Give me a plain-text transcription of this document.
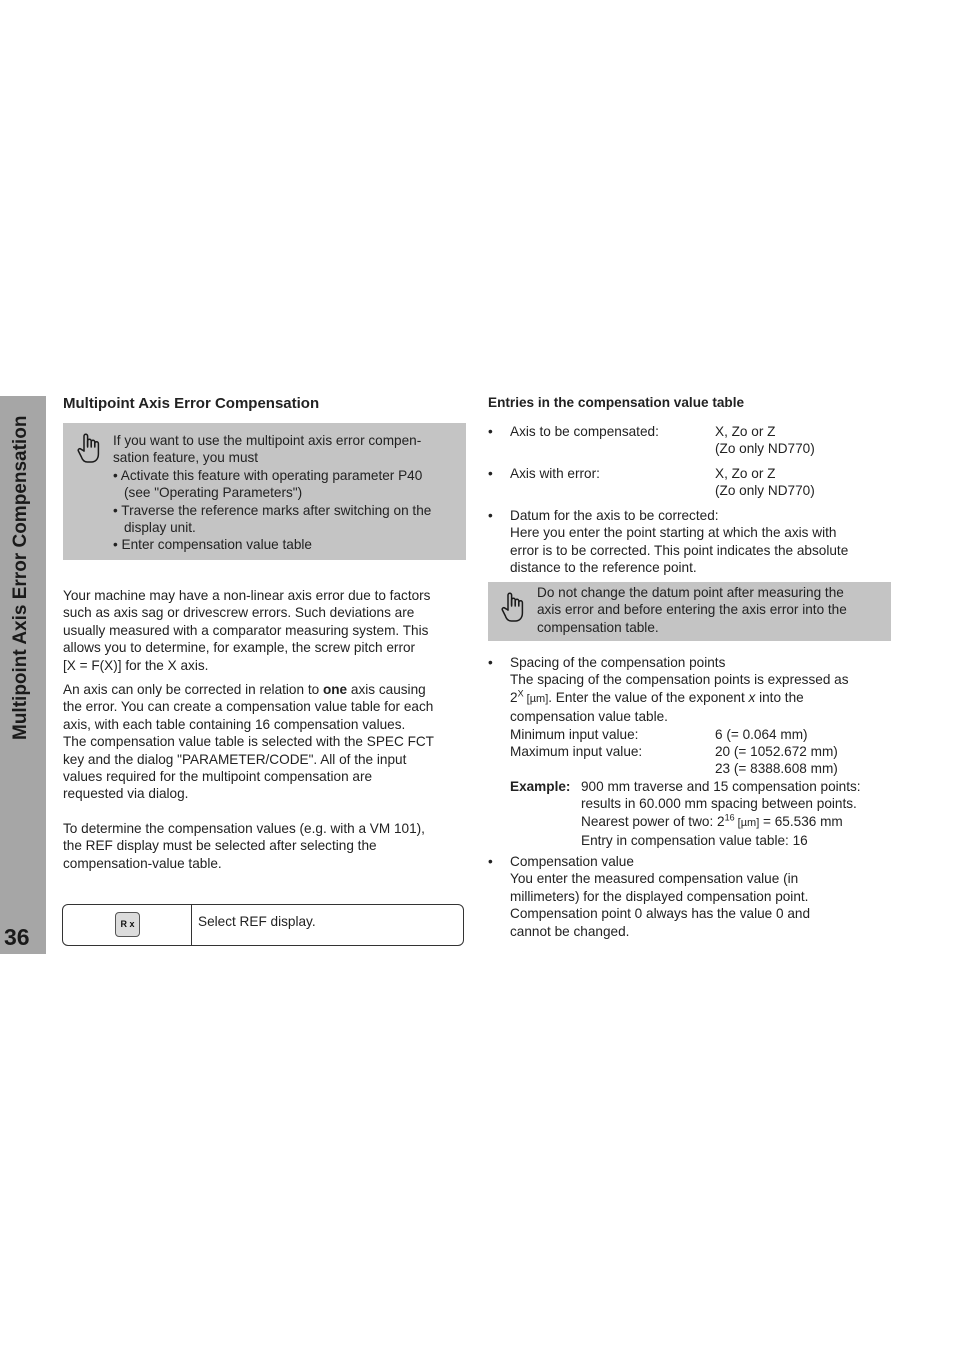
Multipoint Axis Error Compensation
36
Multipoint Axis Error Compensation
If you want to use the multipoint axis error compen-
sation feature, you must
• Activate this feature with operating parameter P40
(see "Operating Parameters")
• Traverse the reference marks after switching on the
display unit.
• Enter compensation value table
Your machine may have a non-linear axis error due to factors
such as axis sag or drivescrew errors. Such deviations are
usually measured with a comparator measuring system. This
allows you to determine, for example, the screw pitch error
[X = F(X)] for the X axis.
An axis can only be corrected in relation to one axis causing
the error. You can create a compensation value table for each
axis, with each table containing 16 compensation values.
The compensation value table is selected with the SPEC FCT
key and the dialog "PARAMETER/CODE". All of the input
values required for the multipoint compensation are
requested via dialog.
To determine the compensation values (e.g. with a VM 101),
the REF display must be selected after selecting the
compensation-value table.
R x	Select REF display.
Entries in the compensation value table
•	Axis to be compensated:	X, Zo or Z
(Zo only ND770)
•	Axis with error:	X, Zo or Z
(Zo only ND770)
•	Datum for the axis to be corrected:
Here you enter the point starting at which the axis with
error is to be corrected. This point indicates the absolute
distance to the reference point.
Do not change the datum point after measuring the
axis error and before entering the axis error into the
compensation table.
•	Spacing of the compensation points
The spacing of the compensation points is expressed as
$2^X$ [µm]. Enter the value of the exponent x into the
compensation value table.
Minimum input value:	6 (= 0.064 mm)
Maximum input value:	20 (= 1052.672 mm)
23 (= 8388.608 mm)
Example: 900 mm traverse and 15 compensation points:
results in 60.000 mm spacing between points.
Nearest power of two: $2^{16}$ [µm] = 65.536 mm
Entry in compensation value table: 16
•	Compensation value
You enter the measured compensation value (in
millimeters) for the displayed compensation point.
Compensation point 0 always has the value 0 and
cannot be changed.
